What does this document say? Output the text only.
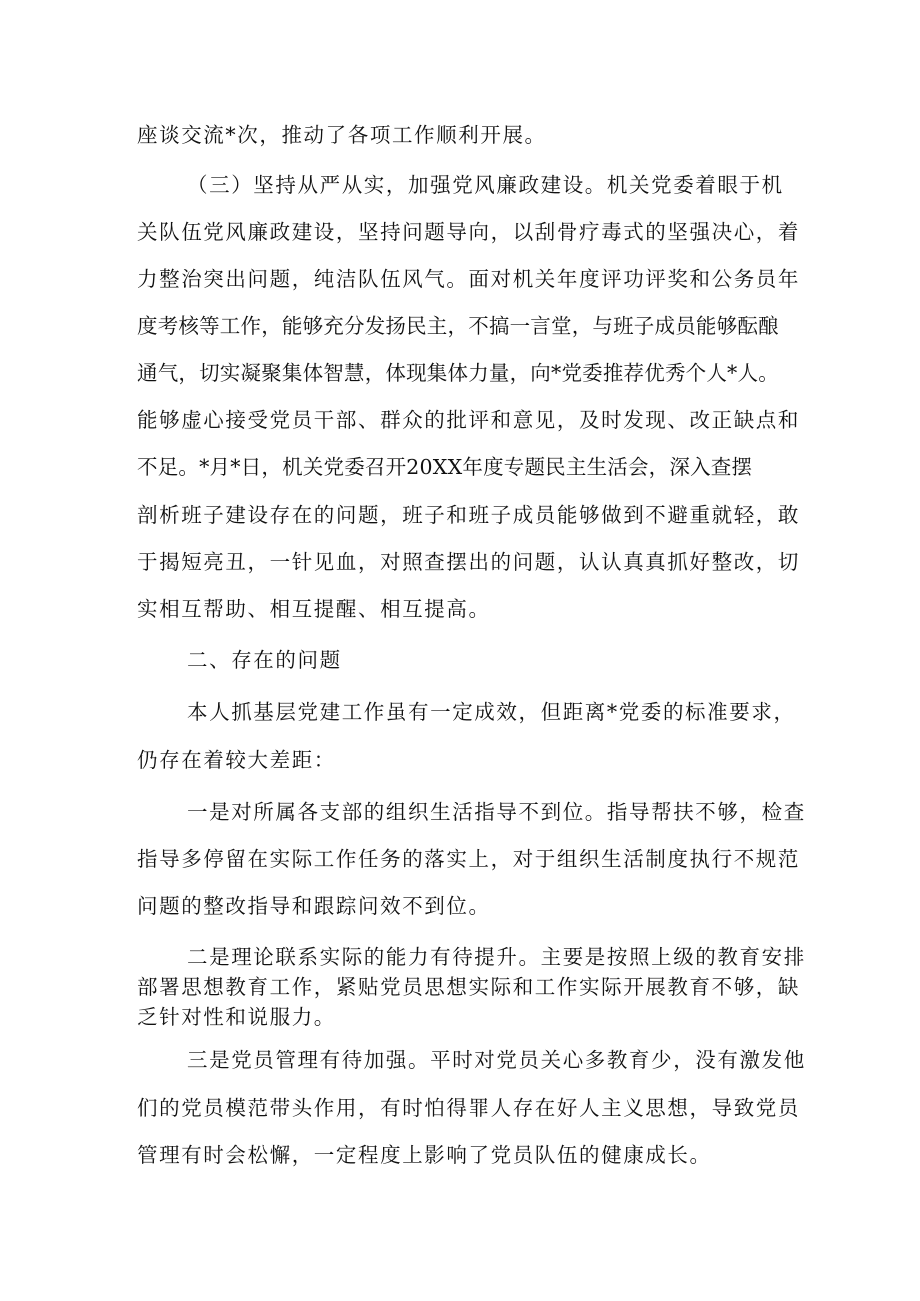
座谈交流*次，推动了各项工作顺利开展。
（三）坚持从严从实，加强党风廉政建设。机关党委着眼于机
关队伍党风廉政建设，坚持问题导向，以刮骨疗毒式的坚强决心，着
力整治突出问题，纯洁队伍风气。面对机关年度评功评奖和公务员年
度考核等工作，能够充分发扬民主，不搞一言堂，与班子成员能够酝酿
通气，切实凝聚集体智慧，体现集体力量，向*党委推荐优秀个人*人。
能够虚心接受党员干部、群众的批评和意见，及时发现、改正缺点和
不足。*月*日，机关党委召开20XX年度专题民主生活会，深入查摆
剖析班子建设存在的问题，班子和班子成员能够做到不避重就轻，敢
于揭短亮丑，一针见血，对照查摆出的问题，认认真真抓好整改，切
实相互帮助、相互提醒、相互提高。
二、存在的问题
本人抓基层党建工作虽有一定成效，但距离*党委的标准要求，
仍存在着较大差距：
一是对所属各支部的组织生活指导不到位。指导帮扶不够，检查
指导多停留在实际工作任务的落实上，对于组织生活制度执行不规范
问题的整改指导和跟踪问效不到位。
二是理论联系实际的能力有待提升。主要是按照上级的教育安排
部署思想教育工作，紧贴党员思想实际和工作实际开展教育不够，缺
乏针对性和说服力。
三是党员管理有待加强。平时对党员关心多教育少，没有激发他
们的党员模范带头作用，有时怕得罪人存在好人主义思想，导致党员
管理有时会松懈，一定程度上影响了党员队伍的健康成长。
